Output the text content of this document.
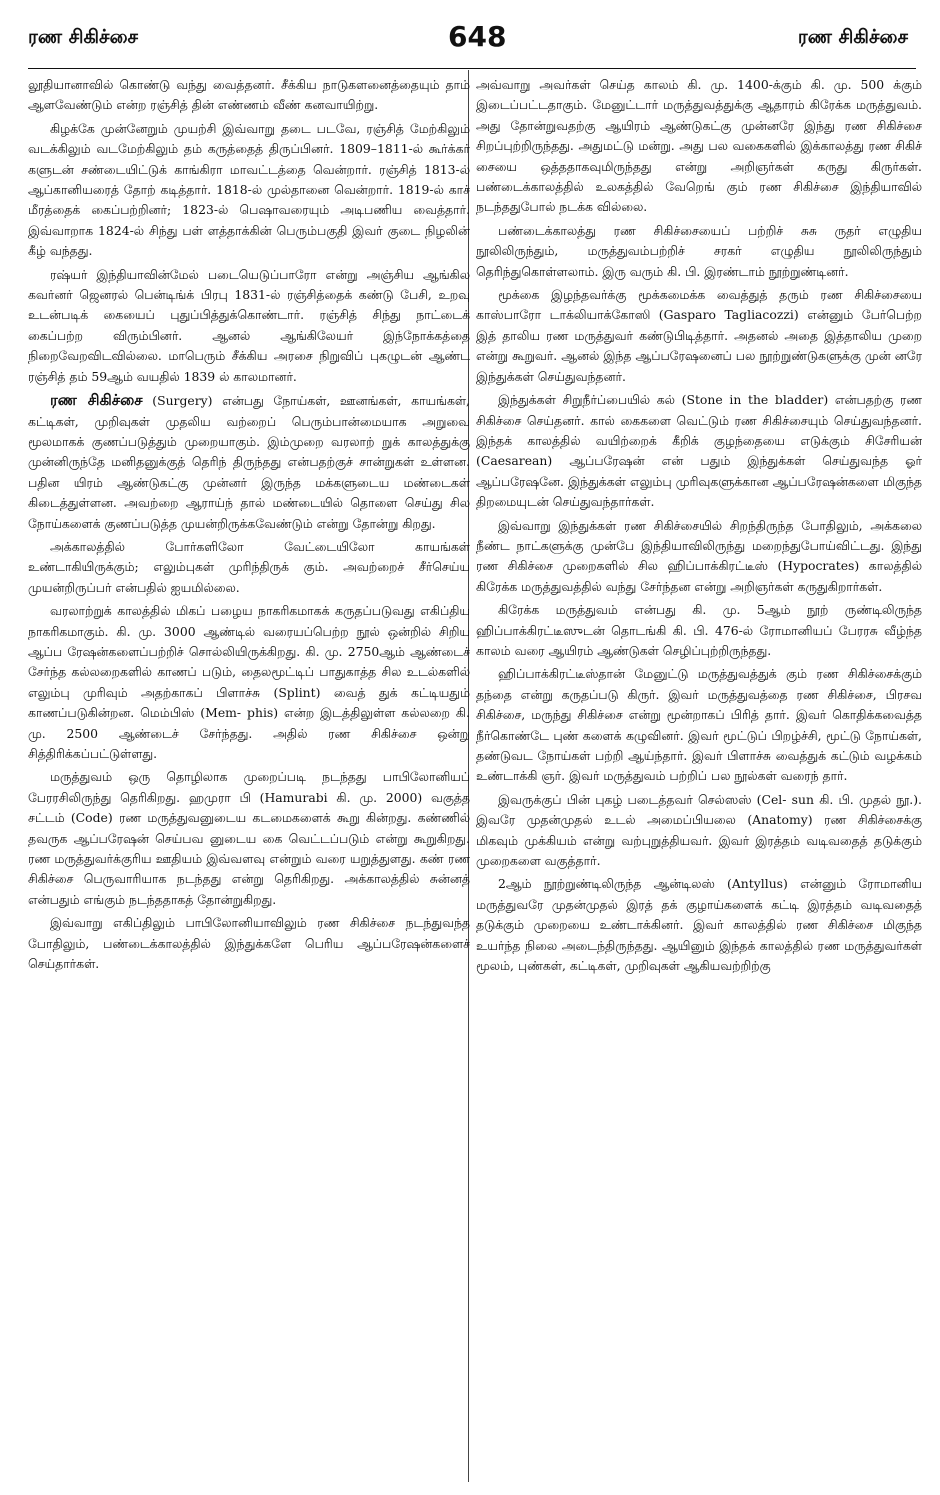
ரண சிகிச்சை	648	ரண சிகிச்சை

லூதியானாவில் கொண்டு வந்து வைத்தனர். சீக்கிய நாடுகளனைத்தையும் தாம் ஆளவேண்டும் என்ற ரஞ்சித் தின் எண்ணம் வீண் கனவாயிற்று.

கிழக்கே முன்னேறும் முயற்சி இவ்வாறு தடை படவே, ரஞ்சித் மேற்கிலும் வடக்கிலும் வடமேற்கிலும் தம் கருத்தைத் திருப்பினர். 1809–1811-ல் கூர்க்கர் களுடன் சண்டையிட்டுக் காங்கிரா மாவட்டத்தை வென்றார். ரஞ்சித் 1813-ல் ஆப்கானியரைத் தோற் கடித்தார். 1818-ல் முல்தானை வென்றார். 1819-ல் காச் மீரத்தைக் கைப்பற்றினர்; 1823-ல் பெஷாவரையும் அடிபணிய வைத்தார். இவ்வாறாக 1824-ல் சிந்து பள் ளத்தாக்கின் பெரும்பகுதி இவர் குடை நிழலின் கீழ் வந்தது.

ரஷ்யர் இந்தியாவின்மேல் படையெடுப்பாரோ என்று அஞ்சிய ஆங்கில கவர்னர் ஜெனரல் பென்டிங்க் பிரபு 1831-ல் ரஞ்சித்தைக் கண்டு பேசி, உறவு உடன்படிக் கையைப் புதுப்பித்துக்கொண்டார். ரஞ்சித் சிந்து நாட்டைக் கைப்பற்ற விரும்பினர். ஆனல் ஆங்கிலேயர் இந்நோக்கத்தை நிறைவேறவிடவில்லை. மாபெரும் சீக்கிய அரசை நிறுவிப் புகழுடன் ஆண்ட ரஞ்சித் தம் 59ஆம் வயதில் 1839 ல் காலமானர்.

ரண சிகிச்சை (Surgery) என்பது நோய்கள், ஊனங்கள், காயங்கள், கட்டிகள், முறிவுகள் முதலிய வற்றைப் பெரும்பான்மையாக அறுவை மூலமாகக் குணப்படுத்தும் முறையாகும். இம்முறை வரலாற் றுக் காலத்துக்கு முன்னிருந்தே மனிதனுக்குத் தெரிந் திருந்தது என்பதற்குச் சான்றுகள் உள்ளன. பதின யிரம் ஆண்டுகட்கு முன்னர் இருந்த மக்களுடைய மண்டைகள் கிடைத்துள்ளன. அவற்றை ஆராய்ந் தால் மண்டையில் தொளை செய்து சில நோய்களைக் குணப்படுத்த முயன்றிருக்கவேண்டும் என்று தோன்று கிறது.

அக்காலத்தில் போர்களிலோ வேட்டையிலோ காயங்கள் உண்டாகியிருக்கும்; எலும்புகள் முரிந்திருக் கும். அவற்றைச் சீர்செய்ய முயன்றிருப்பர் என்பதில் ஐயமில்லை.

வரலாற்றுக் காலத்தில் மிகப் பழைய நாகரிகமாகக் கருதப்படுவது எகிப்திய நாகரிகமாகும். கி. மு. 3000 ஆண்டில் வரையப்பெற்ற நூல் ஒன்றில் சிறிய ஆப்ப ரேஷன்களைப்பற்றிச் சொல்லியிருக்கிறது. கி. மு. 2750ஆம் ஆண்டைச் சேர்ந்த கல்லறைகளில் காணப் படும், தைலமூட்டிப் பாதுகாத்த சில உடல்களில் எலும்பு முரிவும் அதற்காகப் பிளாச்சு (Splint) வைத் துக் கட்டியதும் காணப்படுகின்றன. மெம்பிஸ் (Mem- phis) என்ற இடத்திலுள்ள கல்லறை கி. மு. 2500 ஆண்டைச் சேர்ந்தது. அதில் ரண சிகிச்சை ஒன்று சித்திரிக்கப்பட்டுள்ளது.

மருத்துவம் ஒரு தொழிலாக முறைப்படி நடந்தது பாபிலோனியப் பேரரசிலிருந்து தெரிகிறது. ஹமுரா பி (Hamurabi கி. மு. 2000) வகுத்த சட்டம் (Code) ரண மருத்துவனுடைய கடமைகளைக் கூறு கின்றது. கண்ணில் தவருக ஆப்பரேஷன் செய்பவ னுடைய கை வெட்டப்படும் என்று கூறுகிறது. ரண மருத்துவர்க்குரிய ஊதியம் இவ்வளவு என்றும் வரை யறுத்துளது. கண் ரண சிகிச்சை பெருவாரியாக நடந்தது என்று தெரிகிறது. அக்காலத்தில் சுன்னத் என்பதும் எங்கும் நடந்ததாகத் தோன்றுகிறது.

இவ்வாறு எகிப்திலும் பாபிலோனியாவிலும் ரண சிகிச்சை நடந்துவந்த போதிலும், பண்டைக்காலத்தில் இந்துக்களே பெரிய ஆப்பரேஷன்களைச் செய்தார்கள்.

அவ்வாறு அவர்கள் செய்த காலம் கி. மு. 1400-க்கும் கி. மு. 500 க்கும் இடைப்பட்டதாகும். மேனுட்டார் மருத்துவத்துக்கு ஆதாரம் கிரேக்க மருத்துவம். அது தோன்றுவதற்கு ஆயிரம் ஆண்டுகட்கு முன்னரே இந்து ரண சிகிச்சை சிறப்புற்றிருந்தது. அதுமட்டு மன்று. அது பல வகைகளில் இக்காலத்து ரண சிகிச் சையை ஒத்ததாகவுமிருந்தது என்று அறிஞர்கள் கருது கிருர்கள். பண்டைக்காலத்தில் உலகத்தில் வேறெங் கும் ரண சிகிச்சை இந்தியாவில் நடந்ததுபோல் நடக்க வில்லை.

பண்டைக்காலத்து ரண சிகிச்சையைப் பற்றிச் சுசு ருதர் எழுதிய நூலிலிருந்தும், மருத்துவம்பற்றிச் சரகர் எழுதிய நூலிலிருந்தும் தெரிந்துகொள்ளலாம். இரு வரும் கி. பி. இரண்டாம் நூற்றுண்டினர்.

மூக்கை இழந்தவர்க்கு மூக்கமைக்க வைத்துத் தரும் ரண சிகிச்சையை காஸ்பாரோ டாக்லியாக்கோஸி (Gasparo Tagliacozzi) என்னும் பேர்பெற்ற இத் தாலிய ரண மருத்துவர் கண்டுபிடித்தார். அதனல் அதை இத்தாலிய முறை என்று கூறுவர். ஆனல் இந்த ஆப்பரேஷனைப் பல நூற்றுண்டுகளுக்கு முன் னரே இந்துக்கள் செய்துவந்தனர்.

இந்துக்கள் சிறுநீர்ப்பையில் கல் (Stone in the bladder) என்பதற்கு ரண சிகிச்சை செய்தனர். கால் கைகளை வெட்டும் ரண சிகிச்சையும் செய்துவந்தனர். இந்தக் காலத்தில் வயிற்றைக் கீறிக் குழந்தையை எடுக்கும் சிசேரியன் (Caesarean) ஆப்பரேஷன் என் பதும் இந்துக்கள் செய்துவந்த ஓர் ஆப்பரேஷனே. இந்துக்கள் எலும்பு முரிவுகளுக்கான ஆப்பரேஷன்களை மிகுந்த திறமையுடன் செய்துவந்தார்கள்.

இவ்வாறு இந்துக்கள் ரண சிகிச்சையில் சிறந்திருந்த போதிலும், அக்கலை நீண்ட நாட்களுக்கு முன்பே இந்தியாவிலிருந்து மறைந்துபோய்விட்டது. இந்து ரண சிகிச்சை முறைகளில் சில ஹிப்பாக்கிரட்டீஸ் (Hypocrates) காலத்தில் கிரேக்க மருத்துவத்தில் வந்து சேர்ந்தன என்று அறிஞர்கள் கருதுகிறார்கள்.

கிரேக்க மருத்துவம் என்பது கி. மு. 5ஆம் நூற் ருண்டிலிருந்த ஹிப்பாக்கிரட்டீஸுடன் தொடங்கி கி. பி. 476-ல் ரோமானியப் பேரரசு வீழ்ந்த காலம் வரை ஆயிரம் ஆண்டுகள் செழிப்புற்றிருந்தது.

ஹிப்பாக்கிரட்டீஸ்தான் மேனுட்டு மருத்துவத்துக் கும் ரண சிகிச்சைக்கும் தந்தை என்று கருதப்படு கிருர். இவர் மருத்துவத்தை ரண சிகிச்சை, பிரசவ சிகிச்சை, மருந்து சிகிச்சை என்று மூன்றாகப் பிரித் தார். இவர் கொதிக்கவைத்த நீர்கொண்டே புண் களைக் கழுவினர். இவர் மூட்டுப் பிறழ்ச்சி, மூட்டு நோய்கள், தண்டுவட நோய்கள் பற்றி ஆய்ந்தார். இவர் பிளாச்சு வைத்துக் கட்டும் வழக்கம் உண்டாக்கி ஞர். இவர் மருத்துவம் பற்றிப் பல நூல்கள் வரைந் தார்.

இவருக்குப் பின் புகழ் படைத்தவர் செல்ஸஸ் (Cel- sun கி. பி. முதல் நூ.). இவரே முதன்முதல் உடல் அமைப்பியலை (Anatomy) ரண சிகிச்சைக்கு மிகவும் முக்கியம் என்று வற்புறுத்தியவர். இவர் இரத்தம் வடிவதைத் தடுக்கும் முறைகளை வகுத்தார்.

2ஆம் நூற்றுண்டிலிருந்த ஆன்டிலஸ் (Antyllus) என்னும் ரோமானிய மருத்துவரே முதன்முதல் இரத் தக் குழாய்களைக் கட்டி இரத்தம் வடிவதைத் தடுக்கும் முறையை உண்டாக்கினர். இவர் காலத்தில் ரண சிகிச்சை மிகுந்த உயர்ந்த நிலை அடைந்திருந்தது. ஆயினும் இந்தக் காலத்தில் ரண மருத்துவர்கள் மூலம், புண்கள், கட்டிகள், முறிவுகள் ஆகியவற்றிற்கு
